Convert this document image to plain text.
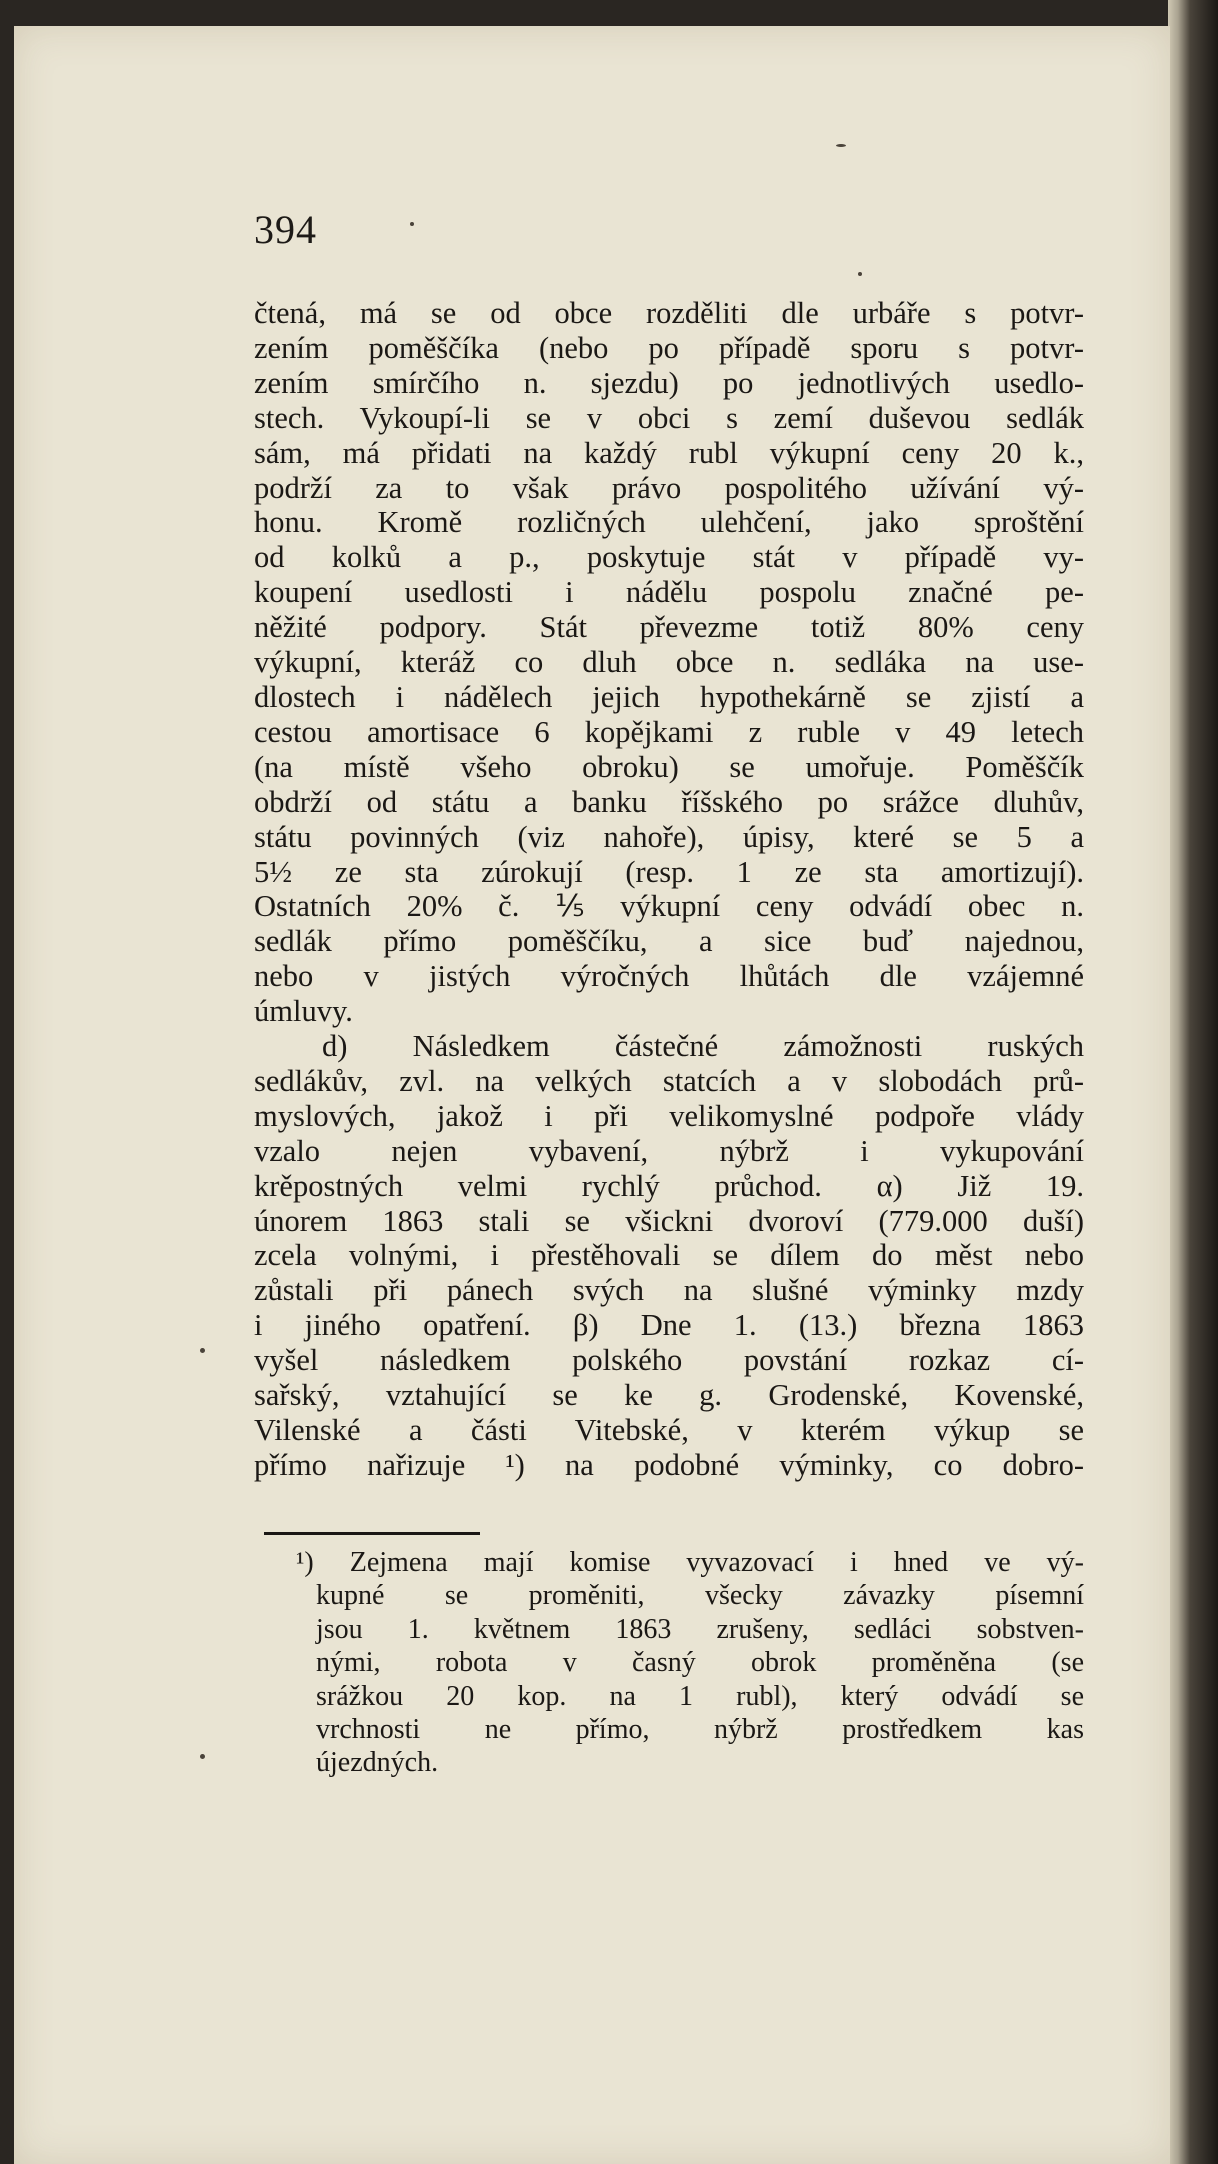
394
čtená, má se od obce rozděliti dle urbáře s potvr-
zením poměščíka (nebo po případě sporu s potvr-
zením smírčího n. sjezdu) po jednotlivých usedlo-
stech. Vykoupí-li se v obci s zemí duševou sedlák
sám, má přidati na každý rubl výkupní ceny 20 k.,
podrží za to však právo pospolitého užívání vý-
honu. Kromě rozličných ulehčení, jako sproštění
od kolků a p., poskytuje stát v případě vy-
koupení usedlosti i nádělu pospolu značné pe-
něžité podpory. Stát převezme totiž 80% ceny
výkupní, kteráž co dluh obce n. sedláka na use-
dlostech i nádělech jejich hypothekárně se zjistí a
cestou amortisace 6 kopějkami z ruble v 49 letech
(na místě všeho obroku) se umořuje. Poměščík
obdrží od státu a banku říšského po srážce dluhův,
státu povinných (viz nahoře), úpisy, které se 5 a
5½ ze sta zúrokují (resp. 1 ze sta amortizují).
Ostatních 20% č. ⅕ výkupní ceny odvádí obec n.
sedlák přímo poměščíku, a sice buď najednou,
nebo v jistých výročných lhůtách dle vzájemné
úmluvy.
d) Následkem částečné zámožnosti ruských
sedlákův, zvl. na velkých statcích a v slobodách prů-
myslových, jakož i při velikomyslné podpoře vlády
vzalo nejen vybavení, nýbrž i vykupování
krěpostných velmi rychlý průchod. α) Již 19.
únorem 1863 stali se všickni dvoroví (779.000 duší)
zcela volnými, i přestěhovali se dílem do měst nebo
zůstali při pánech svých na slušné výminky mzdy
i jiného opatření. β) Dne 1. (13.) března 1863
vyšel následkem polského povstání rozkaz cí-
sařský, vztahující se ke g. Grodenské, Kovenské,
Vilenské a části Vitebské, v kterém výkup se
přímo nařizuje ¹) na podobné výminky, co dobro-
¹) Zejmena mají komise vyvazovací i hned ve vý-
kupné se proměniti, všecky závazky písemní
jsou 1. květnem 1863 zrušeny, sedláci sobstven-
nými, robota v časný obrok proměněna (se
srážkou 20 kop. na 1 rubl), který odvádí se
vrchnosti ne přímo, nýbrž prostředkem kas
újezdných.
